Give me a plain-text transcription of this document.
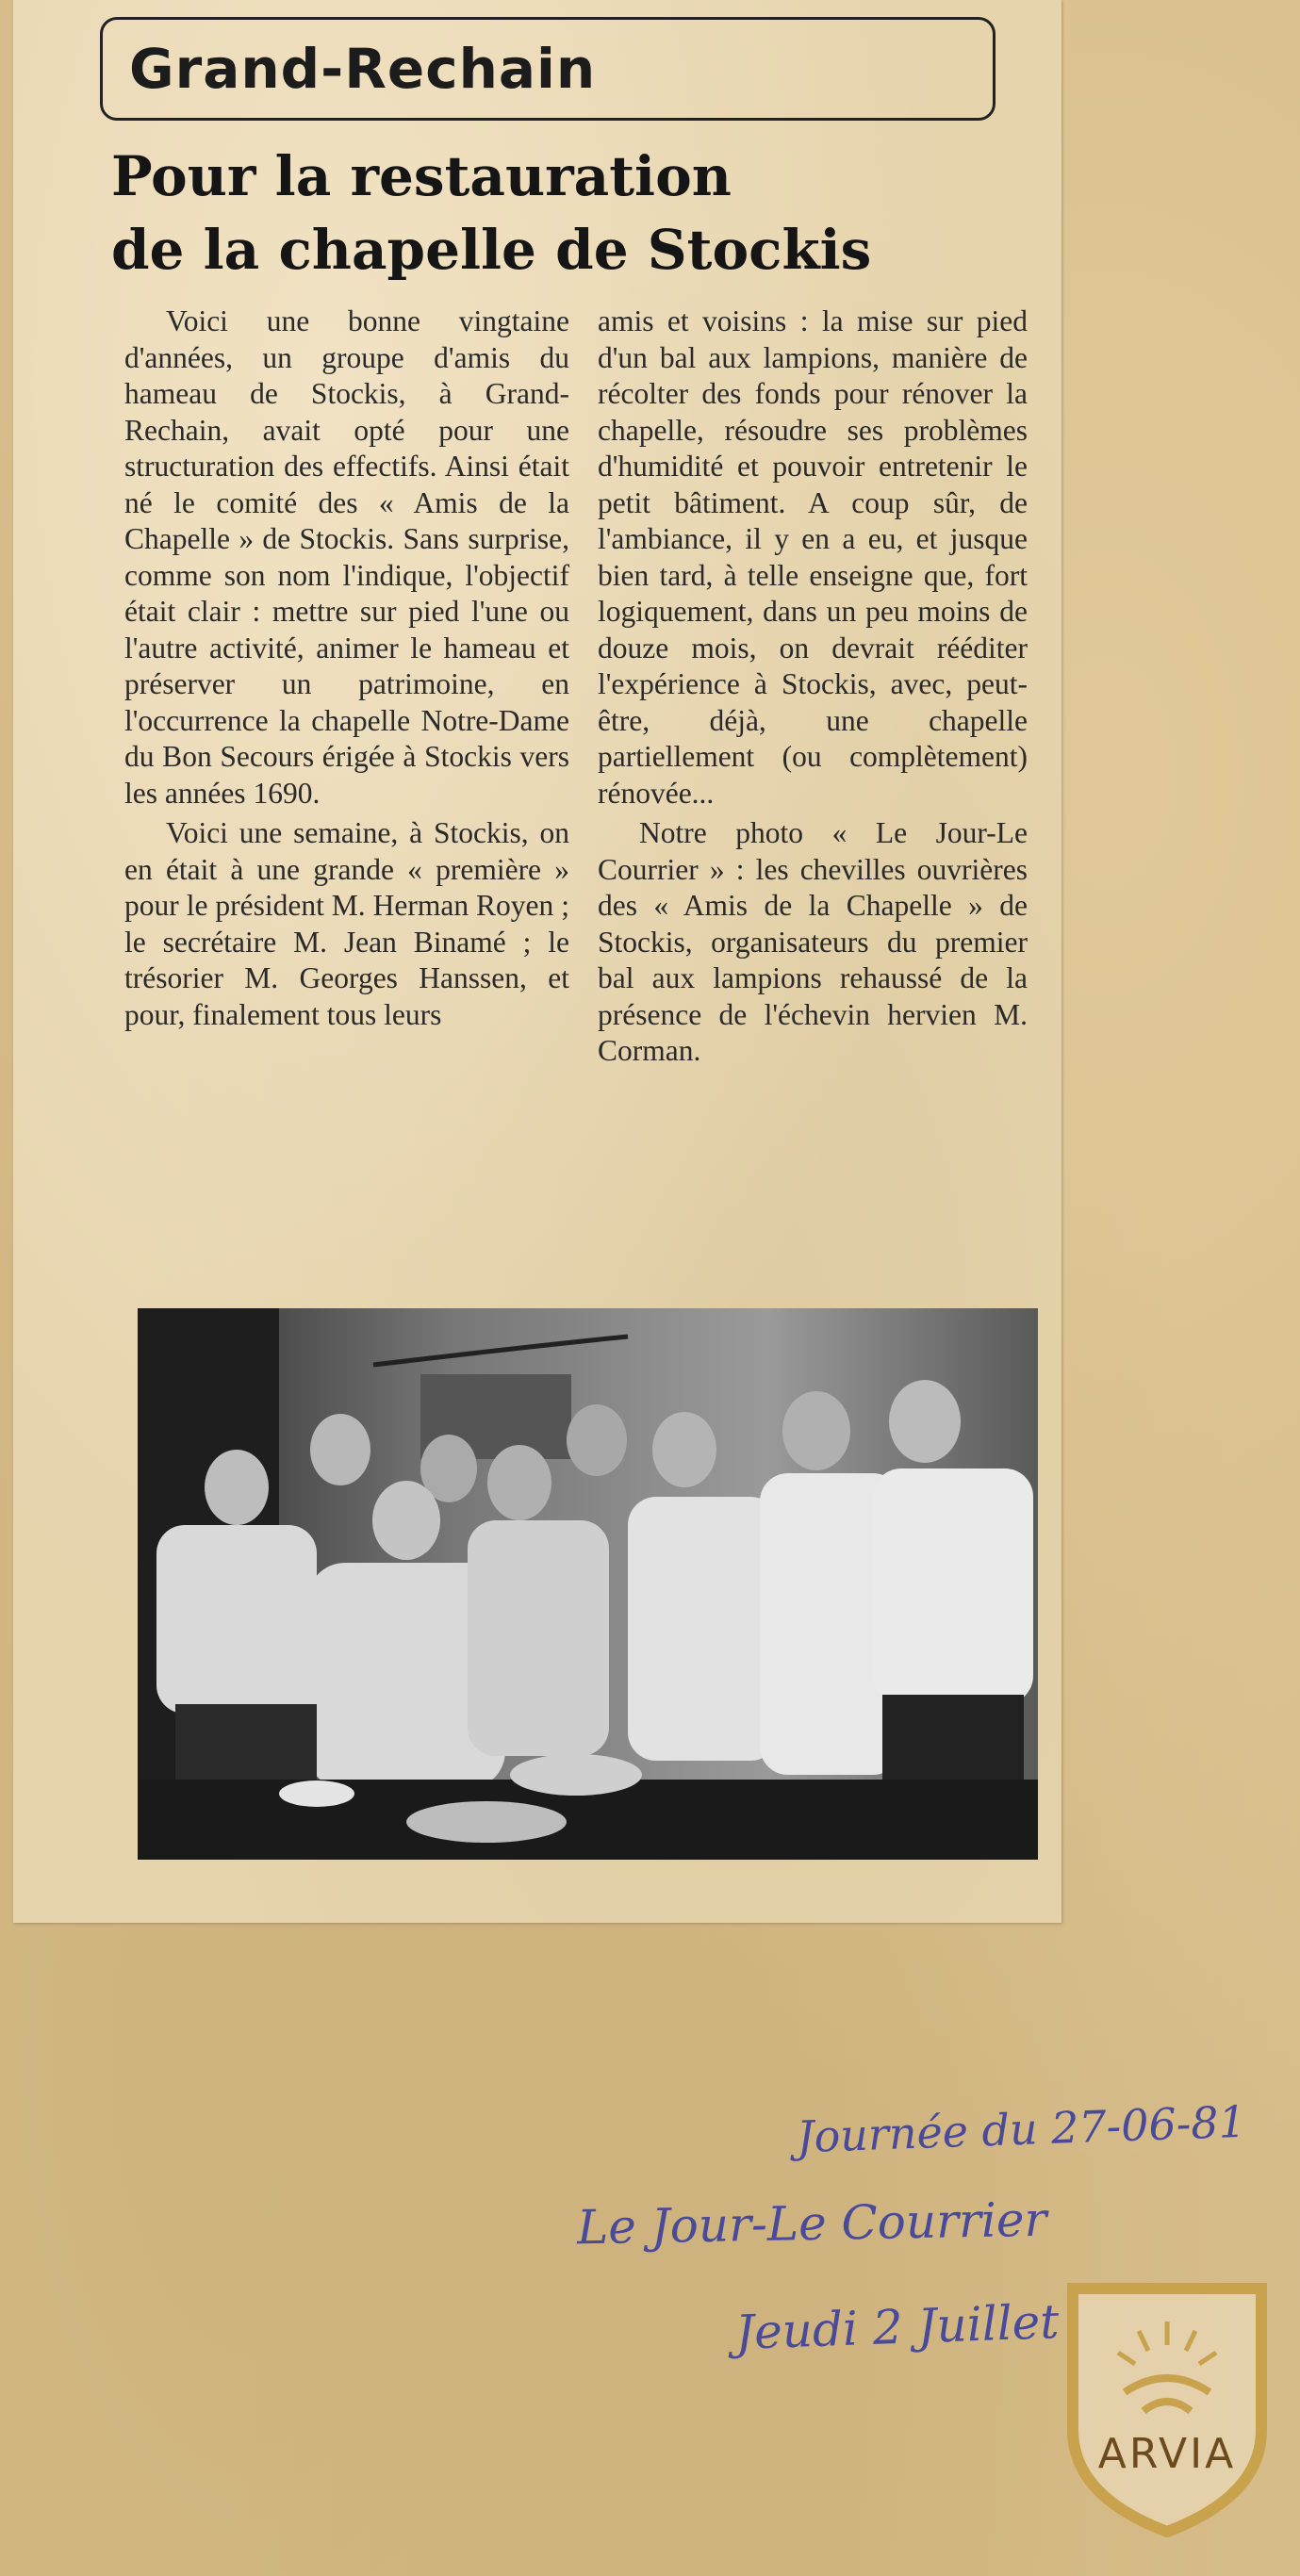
Grand-Rechain
Pour la restauration
de la chapelle de Stockis

Voici une bonne vingtaine d'années, un groupe d'amis du hameau de Stockis, à Grand-Rechain, avait opté pour une structuration des effectifs. Ainsi était né le comité des « Amis de la Chapelle » de Stockis. Sans surprise, comme son nom l'indique, l'objectif était clair : mettre sur pied l'une ou l'autre activité, animer le hameau et préserver un patrimoine, en l'occurrence la chapelle Notre-Dame du Bon Secours érigée à Stockis vers les années 1690.

Voici une semaine, à Stockis, on en était à une grande « première » pour le président M. Herman Royen ; le secrétaire M. Jean Binamé ; le trésorier M. Georges Hanssen, et pour, finalement tous leurs

amis et voisins : la mise sur pied d'un bal aux lampions, manière de récolter des fonds pour rénover la chapelle, résoudre ses problèmes d'humidité et pouvoir entretenir le petit bâtiment. A coup sûr, de l'ambiance, il y en a eu, et jusque bien tard, à telle enseigne que, fort logiquement, dans un peu moins de douze mois, on devrait rééditer l'expérience à Stockis, avec, peut-être, déjà, une chapelle partiellement (ou complètement) rénovée...

Notre photo « Le Jour-Le Courrier » : les chevilles ouvrières des « Amis de la Chapelle » de Stockis, organisateurs du premier bal aux lampions rehaussé de la présence de l'échevin hervien M. Corman.

Journée du 27-06-81
Le Jour-Le Courrier
Jeudi 2 Juillet
ARVIA
